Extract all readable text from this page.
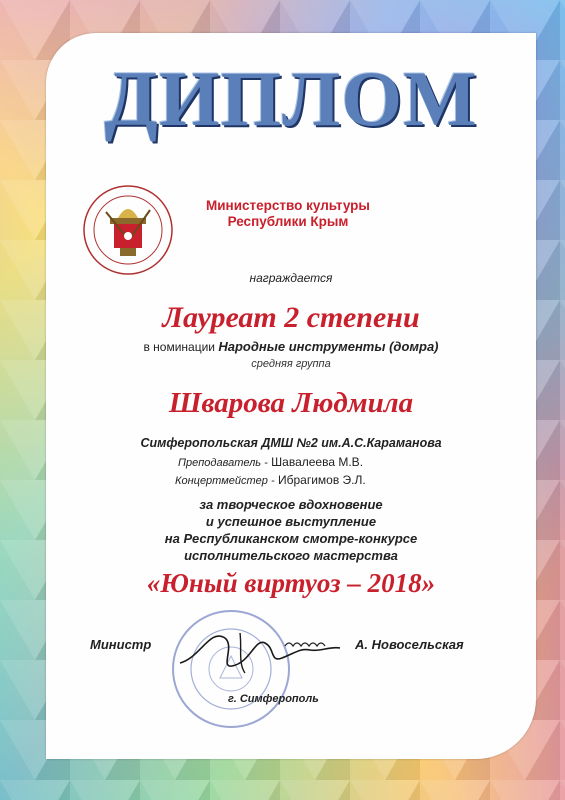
ДИПЛОМ
Министерство культуры
Республики Крым
награждается
Лауреат 2 степени
в номинации Народные инструменты (домра)
средняя группа
Шварова Людмила
Симферопольская ДМШ №2 им.А.С.Караманова
Преподаватель - Шавалеева М.В.
Концертмейстер - Ибрагимов Э.Л.
за творческое вдохновение
и успешное выступление
на Республиканском смотре-конкурсе
исполнительского мастерства
«Юный виртуоз – 2018»
Министр	А. Новосельская
г. Симферополь
